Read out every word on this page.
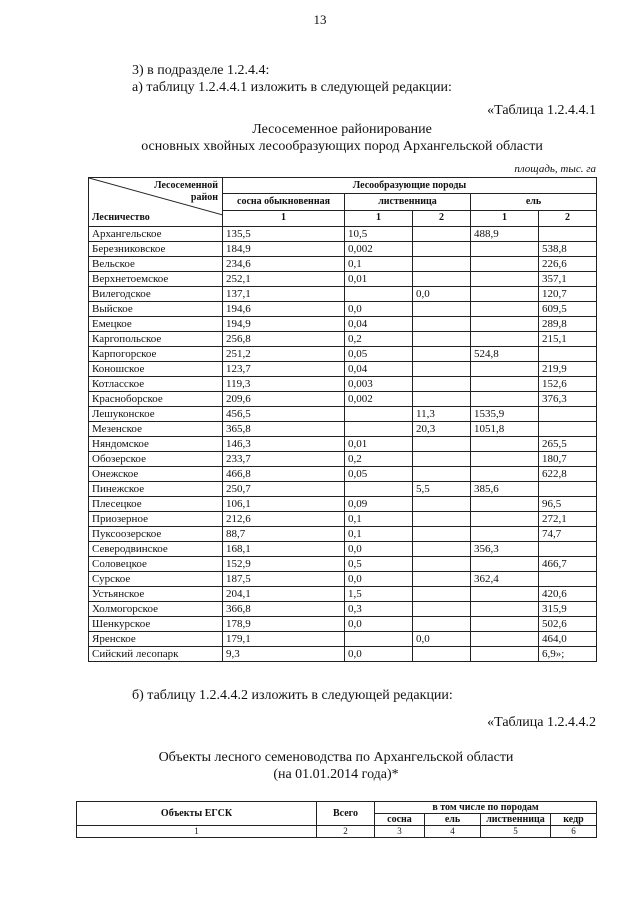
13
3) в подразделе 1.2.4.4:
а) таблицу 1.2.4.4.1 изложить в следующей редакции:
«Таблица 1.2.4.4.1
Лесосеменное районирование
основных хвойных лесообразующих пород Архангельской области
площадь, тыс. га
Лесосеменной
район
Лесничество	Лесообразующие породы				
	сосна обыкновенная	лиственница		ель	
	1	1	2	1	2
Архангельское	135,5	10,5		488,9	
Березниковское	184,9	0,002			538,8
Вельское	234,6	0,1			226,6
Верхнетоемское	252,1	0,01			357,1
Вилегодское	137,1		0,0		120,7
Выйское	194,6	0,0			609,5
Емецкое	194,9	0,04			289,8
Каргопольское	256,8	0,2			215,1
Карпогорское	251,2	0,05		524,8	
Коношское	123,7	0,04			219,9
Котласское	119,3	0,003			152,6
Красноборское	209,6	0,002			376,3
Лешуконское	456,5		11,3	1535,9	
Мезенское	365,8		20,3	1051,8	
Няндомское	146,3	0,01			265,5
Обозерское	233,7	0,2			180,7
Онежское	466,8	0,05			622,8
Пинежское	250,7		5,5	385,6	
Плесецкое	106,1	0,09			96,5
Приозерное	212,6	0,1			272,1
Пуксоозерское	88,7	0,1			74,7
Северодвинское	168,1	0,0		356,3	
Соловецкое	152,9	0,5			466,7
Сурское	187,5	0,0		362,4	
Устьянское	204,1	1,5			420,6
Холмогорское	366,8	0,3			315,9
Шенкурское	178,9	0,0			502,6
Яренское	179,1		0,0		464,0
Сийский лесопарк	9,3	0,0			6,9»;
б) таблицу 1.2.4.4.2 изложить в следующей редакции:
«Таблица 1.2.4.4.2
Объекты лесного семеноводства по Архангельской области
(на 01.01.2014 года)*
Объекты ЕГСК	Всего	в том числе по породам			
		сосна	ель	лиственница	кедр
1	2	3	4	5	6
